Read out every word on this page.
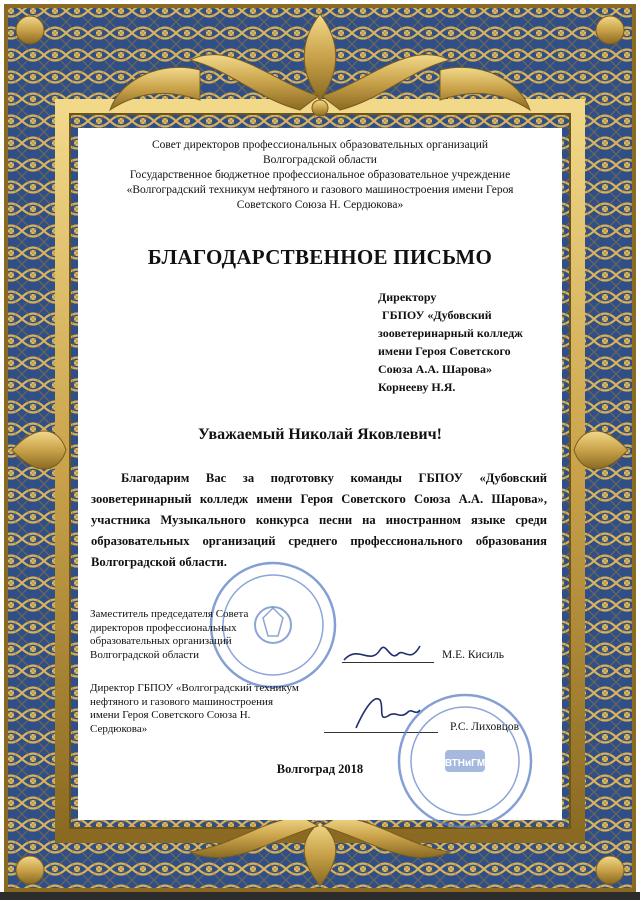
Совет директоров профессиональных образовательных организаций
Волгоградской области
Государственное бюджетное профессиональное образовательное учреждение
«Волгоградский техникум нефтяного и газового машиностроения имени Героя
Советского Союза Н. Сердюкова»
БЛАГОДАРСТВЕННОЕ ПИСЬМО
Директору
ГБПОУ «Дубовский
зооветеринарный колледж
имени Героя Советского
Союза А.А. Шарова»
Корнееву Н.Я.
Уважаемый Николай Яковлевич!
Благодарим Вас за подготовку команды ГБПОУ «Дубовский зооветеринарный колледж имени Героя Советского Союза А.А. Шарова», участника Музыкального конкурса песни на иностранном языке среди образовательных организаций среднего профессионального образования Волгоградской области.
Заместитель председателя Совета
директоров профессиональных
образовательных организаций
Волгоградской области	М.Е. Кисиль
Директор ГБПОУ «Волгоградский техникум
нефтяного и газового машиностроения
имени Героя Советского Союза Н.
Сердюкова»	Р.С. Лиховцов
ВТНиГМ
Волгоград 2018
